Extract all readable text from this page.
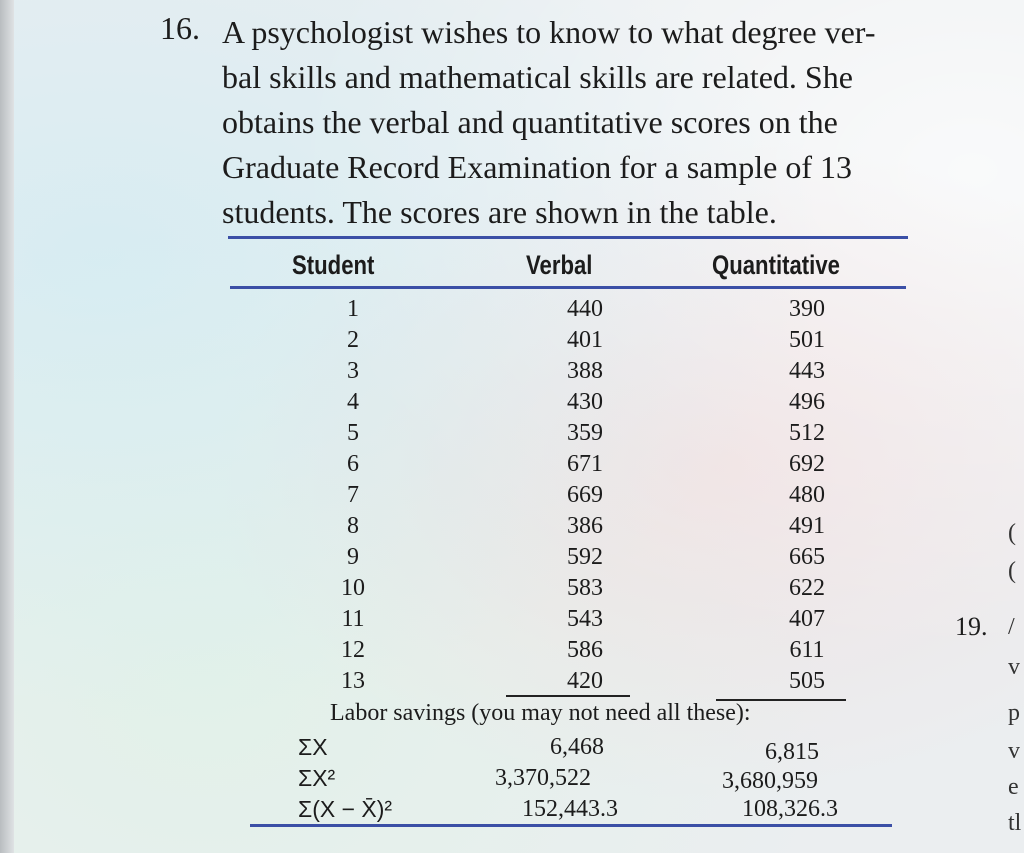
16. A psychologist wishes to know to what degree ver-
bal skills and mathematical skills are related. She
obtains the verbal and quantitative scores on the
Graduate Record Examination for a sample of 13
students. The scores are shown in the table.
Student	Verbal	Quantitative
1	440	390
2	401	501
3	388	443
4	430	496
5	359	512
6	671	692
7	669	480
8	386	491
9	592	665
10	583	622
11	543	407
12	586	611
13	420	505
Labor savings (you may not need all these):
ΣX	6,468	6,815
ΣX²	3,370,522	3,680,959
Σ(X − X̄)²	152,443.3	108,326.3
19.
(
(
/
v
p
v
e
tl
